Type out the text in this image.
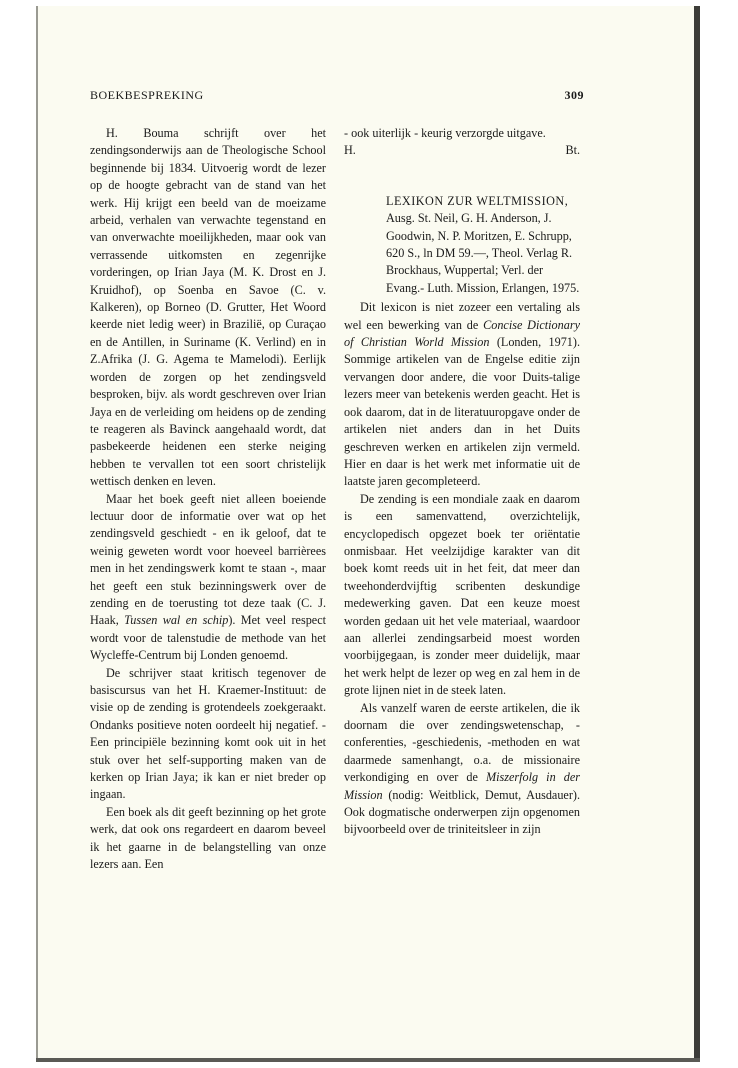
BOEKBESPREKING	309

H. Bouma schrijft over het zendingsonderwijs aan de Theologische School beginnende bij 1834. Uitvoerig wordt de lezer op de hoogte gebracht van de stand van het werk. Hij krijgt een beeld van de moeizame arbeid, verhalen van verwachte tegenstand en van onverwachte moeilijkheden, maar ook van verrassende uitkomsten en zegenrijke vorderingen, op Irian Jaya (M. K. Drost en J. Kruidhof), op Soenba en Savoe (C. v. Kalkeren), op Borneo (D. Grutter, Het Woord keerde niet ledig weer) in Brazilië, op Curaçao en de Antillen, in Suriname (K. Verlind) en in Z.Afrika (J. G. Agema te Mamelodi). Eerlijk worden de zorgen op het zendingsveld besproken, bijv. als wordt geschreven over Irian Jaya en de verleiding om heidens op de zending te reageren als Bavinck aangehaald wordt, dat pasbekeerde heidenen een sterke neiging hebben te vervallen tot een soort christelijk wettisch denken en leven.

Maar het boek geeft niet alleen boeiende lectuur door de informatie over wat op het zendingsveld geschiedt - en ik geloof, dat te weinig geweten wordt voor hoeveel barrièrees men in het zendingswerk komt te staan -, maar het geeft een stuk bezinningswerk over de zending en de toerusting tot deze taak (C. J. Haak, Tussen wal en schip). Met veel respect wordt voor de talenstudie de methode van het Wycleffe-Centrum bij Londen genoemd.

De schrijver staat kritisch tegenover de basiscursus van het H. Kraemer-Instituut: de visie op de zending is grotendeels zoekgeraakt. Ondanks positieve noten oordeelt hij negatief. - Een principiële bezinning komt ook uit in het stuk over het self-supporting maken van de kerken op Irian Jaya; ik kan er niet breder op ingaan.

Een boek als dit geeft bezinning op het grote werk, dat ook ons regardeert en daarom beveel ik het gaarne in de belangstelling van onze lezers aan. Een

- ook uiterlijk - keurig verzorgde uitgave.

H.	Bt.
LEXIKON ZUR WELTMISSION,
Ausg. St. Neil, G. H. Anderson, J. Goodwin, N. P. Moritzen, E. Schrupp, 620 S., ln DM 59.—, Theol. Verlag R. Brockhaus, Wuppertal; Verl. der Evang.- Luth. Mission, Erlangen, 1975.

Dit lexicon is niet zozeer een vertaling als wel een bewerking van de Concise Dictionary of Christian World Mission (Londen, 1971). Sommige artikelen van de Engelse editie zijn vervangen door andere, die voor Duits-talige lezers meer van betekenis werden geacht. Het is ook daarom, dat in de literatuuropgave onder de artikelen niet anders dan in het Duits geschreven werken en artikelen zijn vermeld. Hier en daar is het werk met informatie uit de laatste jaren gecompleteerd.

De zending is een mondiale zaak en daarom is een samenvattend, overzichtelijk, encyclopedisch opgezet boek ter oriëntatie onmisbaar. Het veelzijdige karakter van dit boek komt reeds uit in het feit, dat meer dan tweehonderdvijftig scribenten deskundige medewerking gaven. Dat een keuze moest worden gedaan uit het vele materiaal, waardoor aan allerlei zendingsarbeid moest worden voorbijgegaan, is zonder meer duidelijk, maar het werk helpt de lezer op weg en zal hem in de grote lijnen niet in de steek laten.

Als vanzelf waren de eerste artikelen, die ik doornam die over zendingswetenschap, -conferenties, -geschiedenis, -methoden en wat daarmede samenhangt, o.a. de missionaire verkondiging en over de Miszerfolg in der Mission (nodig: Weitblick, Demut, Ausdauer). Ook dogmatische onderwerpen zijn opgenomen bijvoorbeeld over de triniteitsleer in zijn
